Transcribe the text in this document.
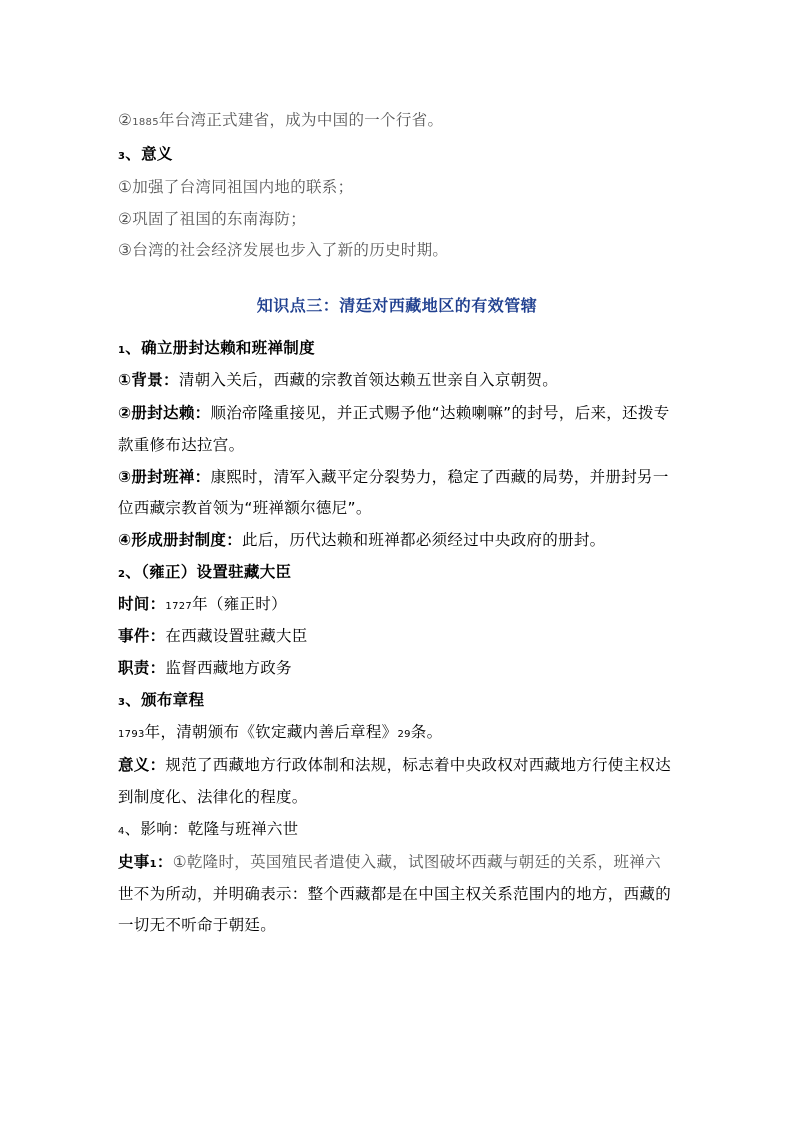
②1885年台湾正式建省，成为中国的一个行省。
3、意义
①加强了台湾同祖国内地的联系；
②巩固了祖国的东南海防；
③台湾的社会经济发展也步入了新的历史时期。
知识点三：清廷对西藏地区的有效管辖
1、确立册封达赖和班禅制度
①背景：清朝入关后，西藏的宗教首领达赖五世亲自入京朝贺。
②册封达赖：顺治帝隆重接见，并正式赐予他“达赖喇嘛”的封号，后来，还拨专
款重修布达拉宫。
③册封班禅：康熙时，清军入藏平定分裂势力，稳定了西藏的局势，并册封另一
位西藏宗教首领为“班禅额尔德尼”。
④形成册封制度：此后，历代达赖和班禅都必须经过中央政府的册封。
2、（雍正）设置驻藏大臣
时间：1727年（雍正时）
事件：在西藏设置驻藏大臣
职责：监督西藏地方政务
3、颁布章程
1793年，清朝颁布《钦定藏内善后章程》29条。
意义：规范了西藏地方行政体制和法规，标志着中央政权对西藏地方行使主权达
到制度化、法律化的程度。
4、影响：乾隆与班禅六世
史事1：①乾隆时，英国殖民者遣使入藏，试图破坏西藏与朝廷的关系，班禅六
世不为所动，并明确表示：整个西藏都是在中国主权关系范围内的地方，西藏的
一切无不听命于朝廷。
